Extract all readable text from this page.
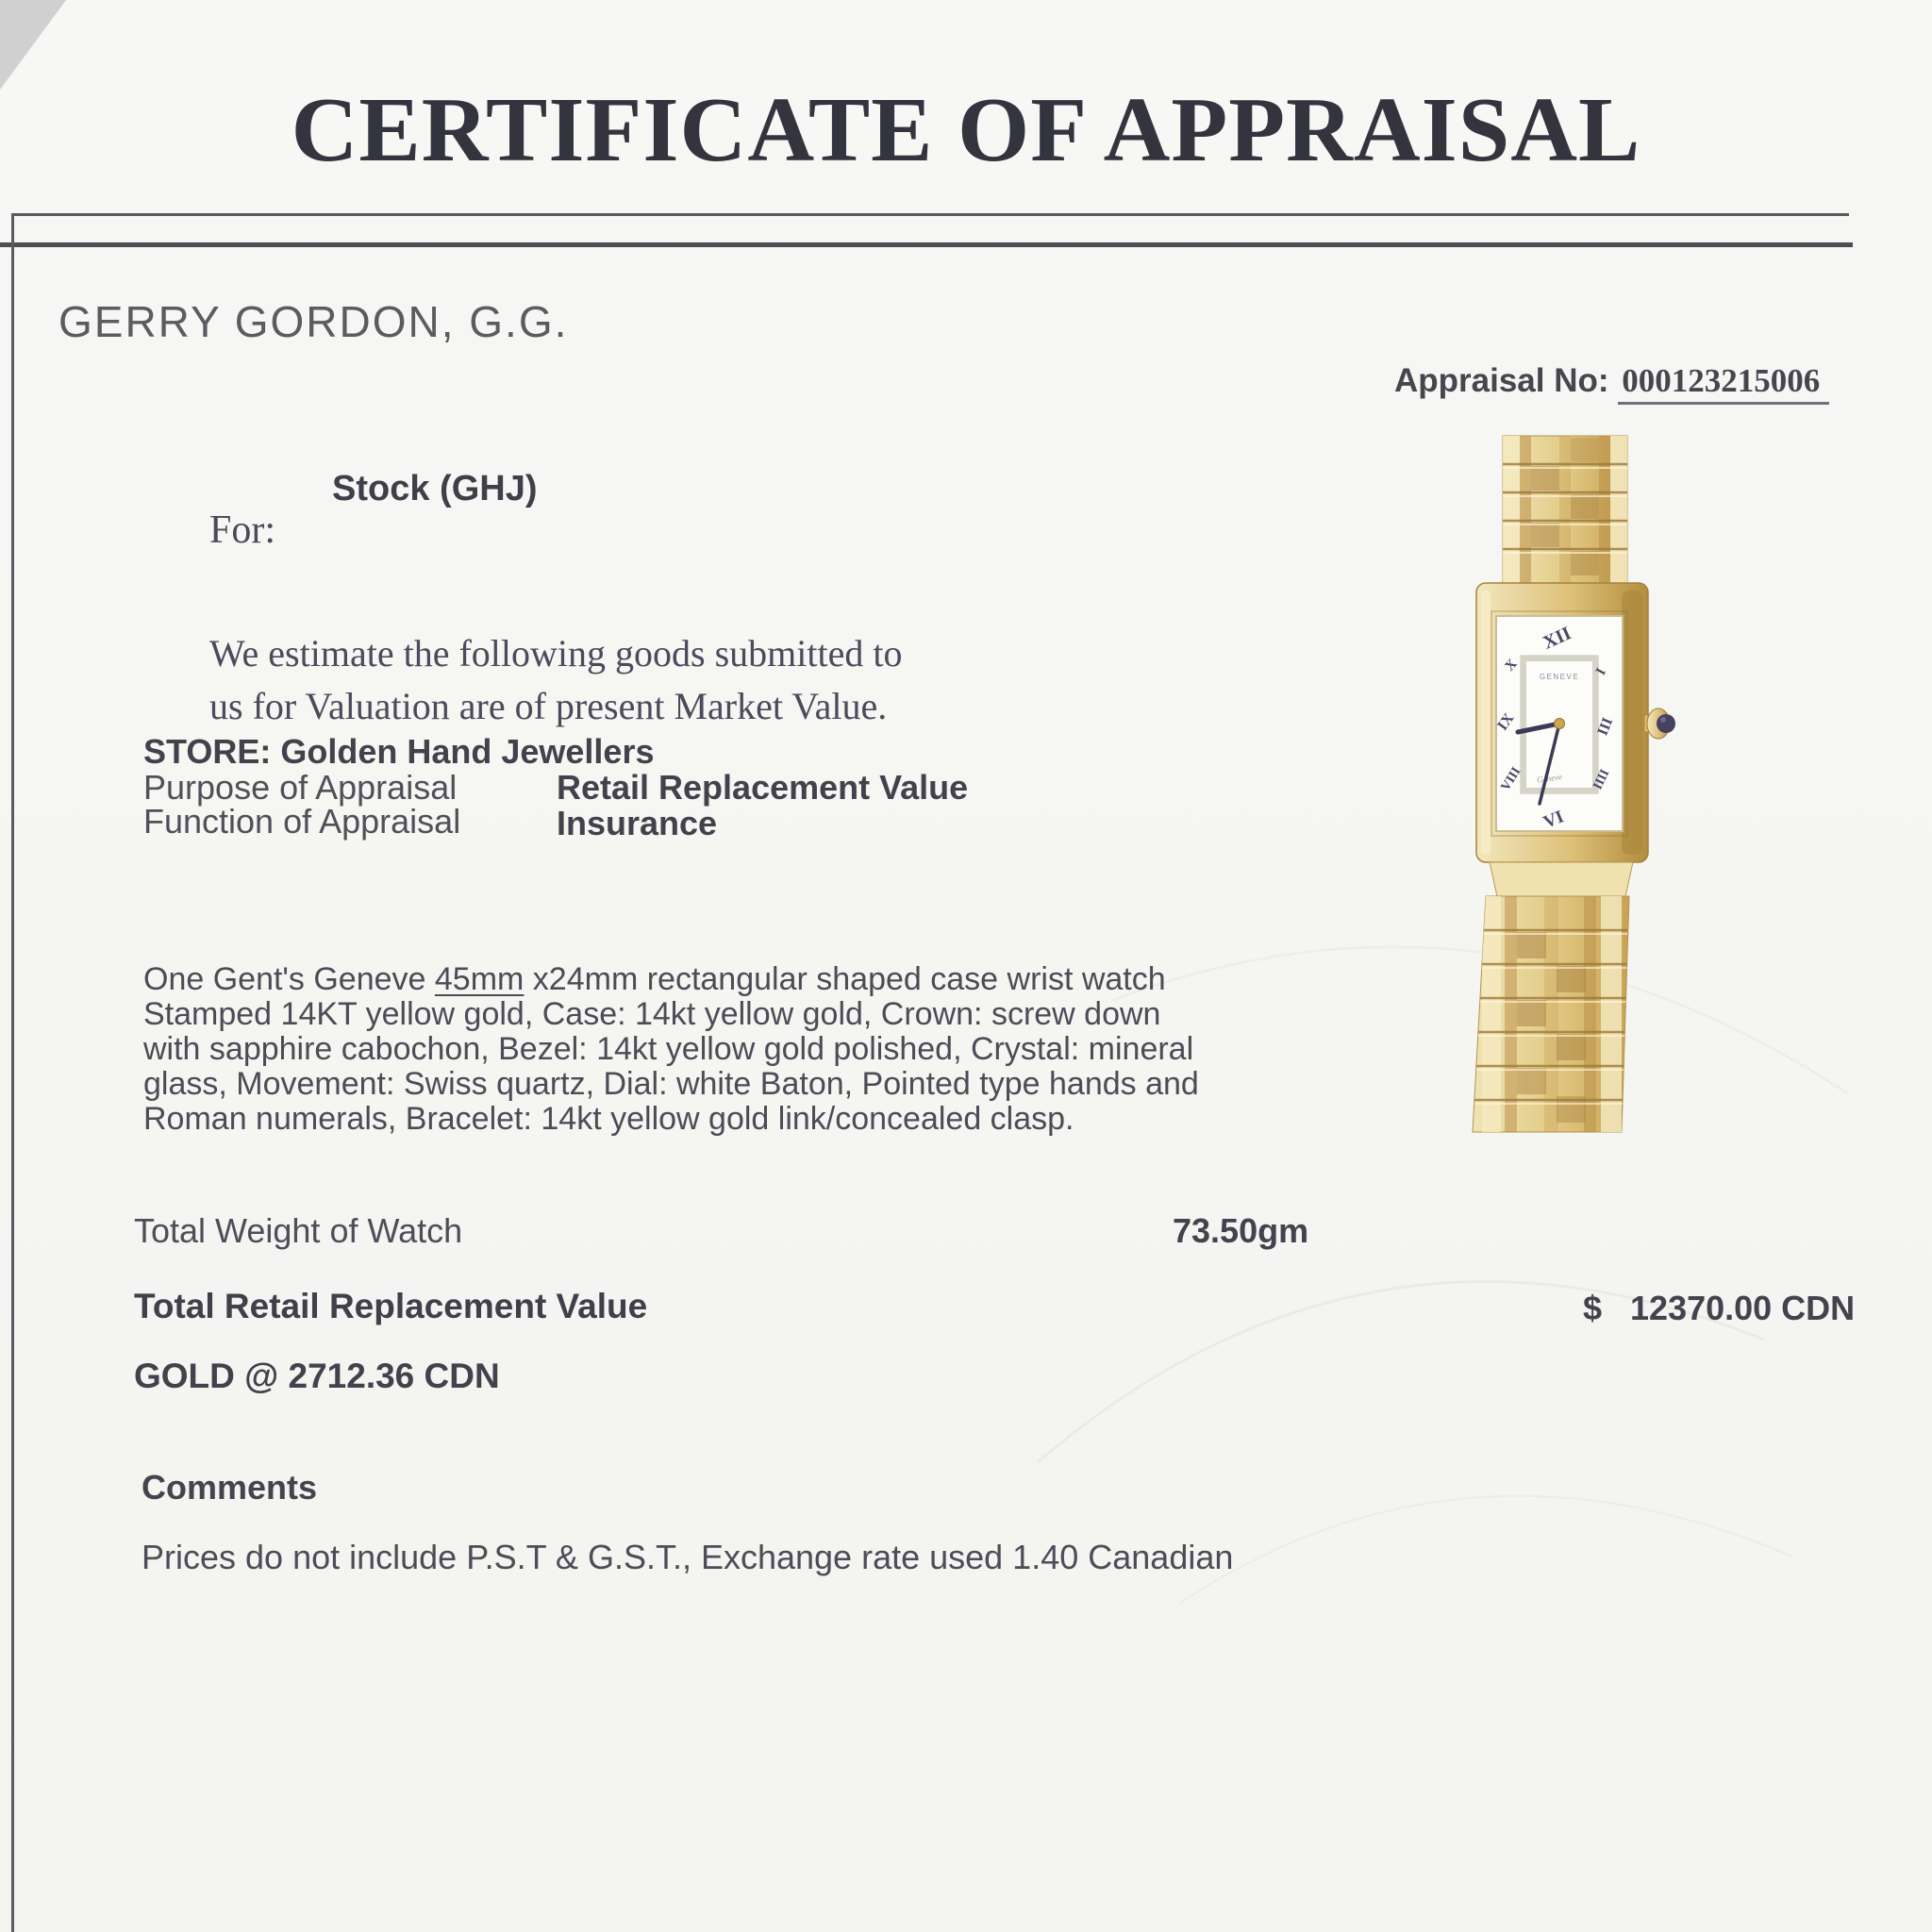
CERTIFICATE OF APPRAISAL
GERRY GORDON, G.G.
Appraisal No: 000123215006
Stock (GHJ)
For:
We estimate the following goods submitted to
us for Valuation are of present Market Value.
STORE: Golden Hand Jewellers
Purpose of Appraisal	Retail Replacement Value
Function of Appraisal	Insurance
One Gent's Geneve 45mm x24mm rectangular shaped case wrist watch Stamped 14KT yellow gold, Case: 14kt yellow gold, Crown: screw down with sapphire cabochon, Bezel: 14kt yellow gold polished, Crystal: mineral glass, Movement: Swiss quartz, Dial: white Baton, Pointed type hands and Roman numerals, Bracelet: 14kt yellow gold link/concealed clasp.
Total Weight of Watch	73.50gm
Total Retail Replacement Value	$ 12370.00 CDN
GOLD @ 2712.36 CDN
Comments
Prices do not include P.S.T & G.S.T., Exchange rate used 1.40 Canadian
XII
I
III
IIII
VI
VIII
IX
X
GENEVE
Geneve
